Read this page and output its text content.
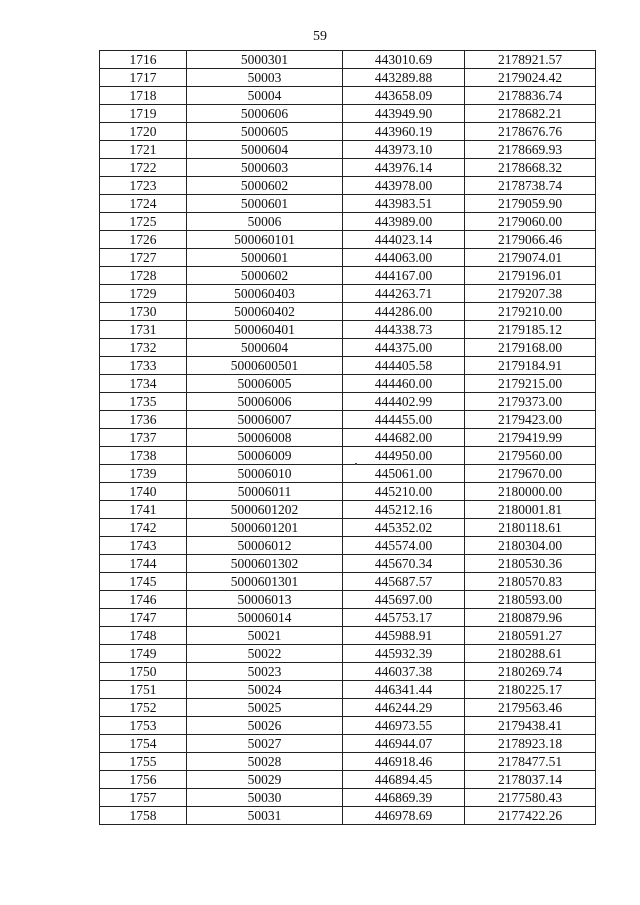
59
1716	5000301	443010.69	2178921.57
1717	50003	443289.88	2179024.42
1718	50004	443658.09	2178836.74
1719	5000606	443949.90	2178682.21
1720	5000605	443960.19	2178676.76
1721	5000604	443973.10	2178669.93
1722	5000603	443976.14	2178668.32
1723	5000602	443978.00	2178738.74
1724	5000601	443983.51	2179059.90
1725	50006	443989.00	2179060.00
1726	500060101	444023.14	2179066.46
1727	5000601	444063.00	2179074.01
1728	5000602	444167.00	2179196.01
1729	500060403	444263.71	2179207.38
1730	500060402	444286.00	2179210.00
1731	500060401	444338.73	2179185.12
1732	5000604	444375.00	2179168.00
1733	5000600501	444405.58	2179184.91
1734	50006005	444460.00	2179215.00
1735	50006006	444402.99	2179373.00
1736	50006007	444455.00	2179423.00
1737	50006008	444682.00	2179419.99
1738	50006009	444950.00	2179560.00
1739	50006010	445061.00	2179670.00
1740	50006011	445210.00	2180000.00
1741	5000601202	445212.16	2180001.81
1742	5000601201	445352.02	2180118.61
1743	50006012	445574.00	2180304.00
1744	5000601302	445670.34	2180530.36
1745	5000601301	445687.57	2180570.83
1746	50006013	445697.00	2180593.00
1747	50006014	445753.17	2180879.96
1748	50021	445988.91	2180591.27
1749	50022	445932.39	2180288.61
1750	50023	446037.38	2180269.74
1751	50024	446341.44	2180225.17
1752	50025	446244.29	2179563.46
1753	50026	446973.55	2179438.41
1754	50027	446944.07	2178923.18
1755	50028	446918.46	2178477.51
1756	50029	446894.45	2178037.14
1757	50030	446869.39	2177580.43
1758	50031	446978.69	2177422.26
